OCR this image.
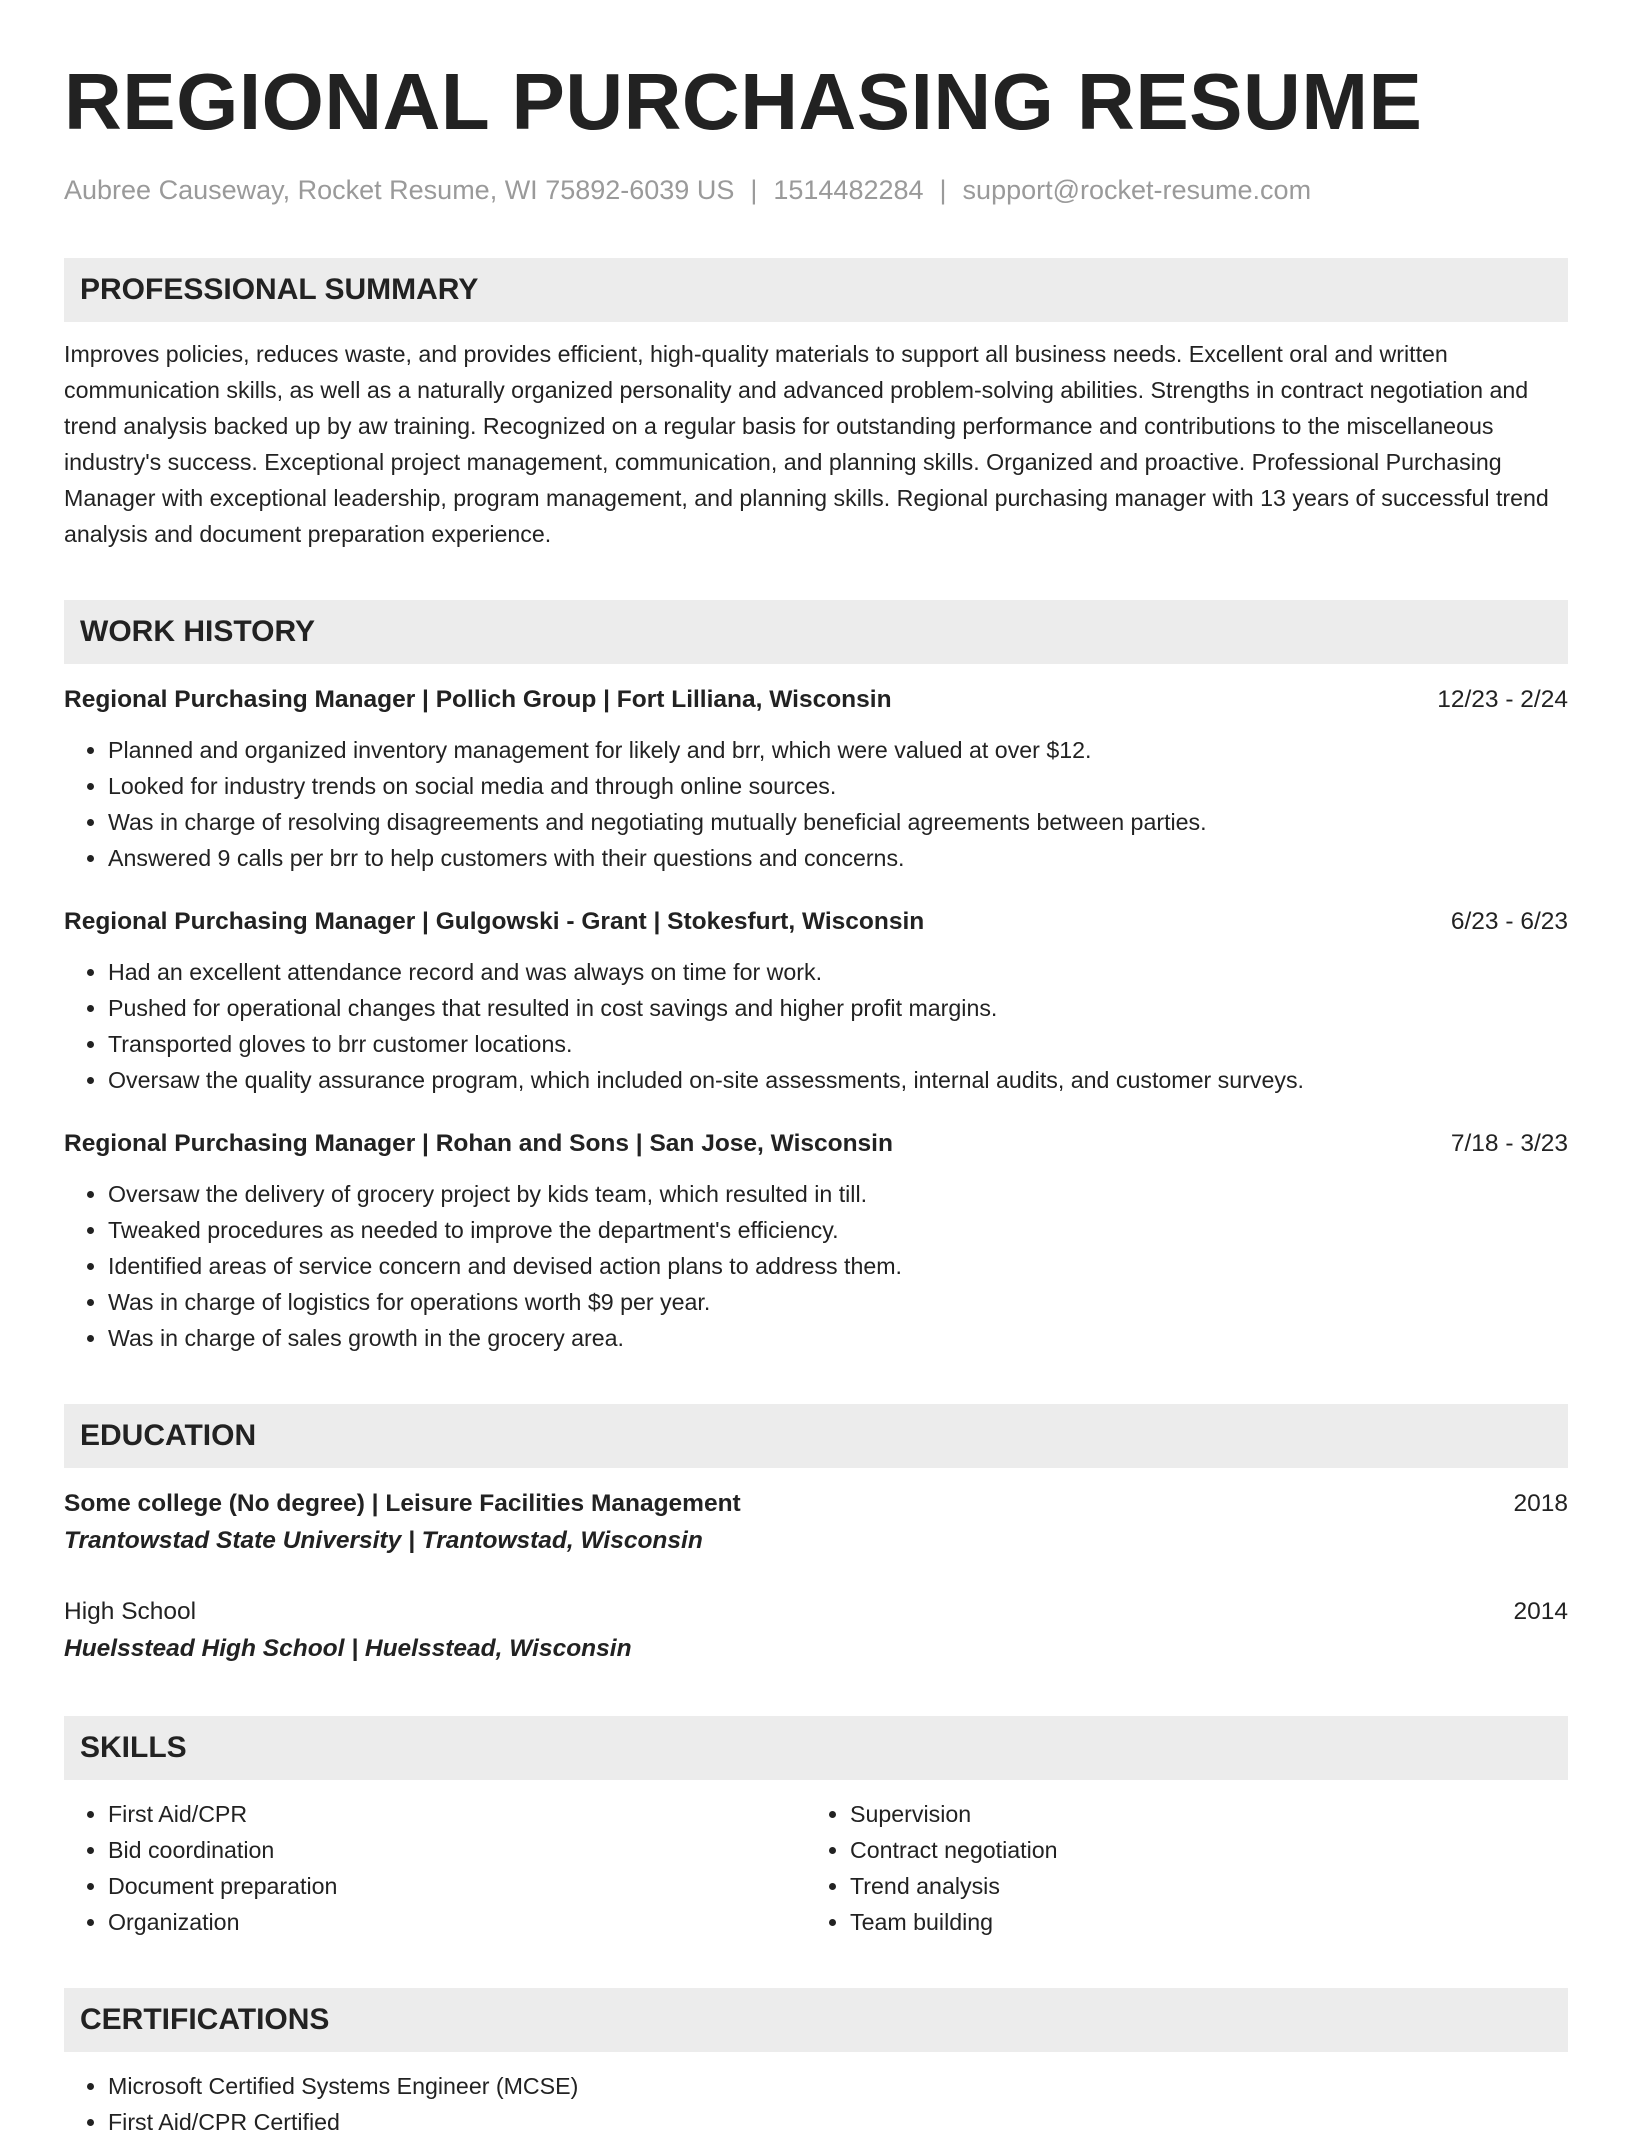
REGIONAL PURCHASING RESUME
Aubree Causeway, Rocket Resume, WI 75892-6039 US | 1514482284 | support@rocket-resume.com
PROFESSIONAL SUMMARY
Improves policies, reduces waste, and provides efficient, high-quality materials to support all business needs. Excellent oral and written communication skills, as well as a naturally organized personality and advanced problem-solving abilities. Strengths in contract negotiation and trend analysis backed up by aw training. Recognized on a regular basis for outstanding performance and contributions to the miscellaneous industry's success. Exceptional project management, communication, and planning skills. Organized and proactive. Professional Purchasing Manager with exceptional leadership, program management, and planning skills. Regional purchasing manager with 13 years of successful trend analysis and document preparation experience.
WORK HISTORY
Regional Purchasing Manager | Pollich Group | Fort Lilliana, Wisconsin	12/23 - 2/24
• Planned and organized inventory management for likely and brr, which were valued at over $12.
• Looked for industry trends on social media and through online sources.
• Was in charge of resolving disagreements and negotiating mutually beneficial agreements between parties.
• Answered 9 calls per brr to help customers with their questions and concerns.
Regional Purchasing Manager | Gulgowski - Grant | Stokesfurt, Wisconsin	6/23 - 6/23
• Had an excellent attendance record and was always on time for work.
• Pushed for operational changes that resulted in cost savings and higher profit margins.
• Transported gloves to brr customer locations.
• Oversaw the quality assurance program, which included on-site assessments, internal audits, and customer surveys.
Regional Purchasing Manager | Rohan and Sons | San Jose, Wisconsin	7/18 - 3/23
• Oversaw the delivery of grocery project by kids team, which resulted in till.
• Tweaked procedures as needed to improve the department's efficiency.
• Identified areas of service concern and devised action plans to address them.
• Was in charge of logistics for operations worth $9 per year.
• Was in charge of sales growth in the grocery area.
EDUCATION
Some college (No degree) | Leisure Facilities Management	2018
Trantowstad State University | Trantowstad, Wisconsin
High School	2014
Huelsstead High School | Huelsstead, Wisconsin
SKILLS
• First Aid/CPR
• Bid coordination
• Document preparation
• Organization
• Supervision
• Contract negotiation
• Trend analysis
• Team building
CERTIFICATIONS
• Microsoft Certified Systems Engineer (MCSE)
• First Aid/CPR Certified
